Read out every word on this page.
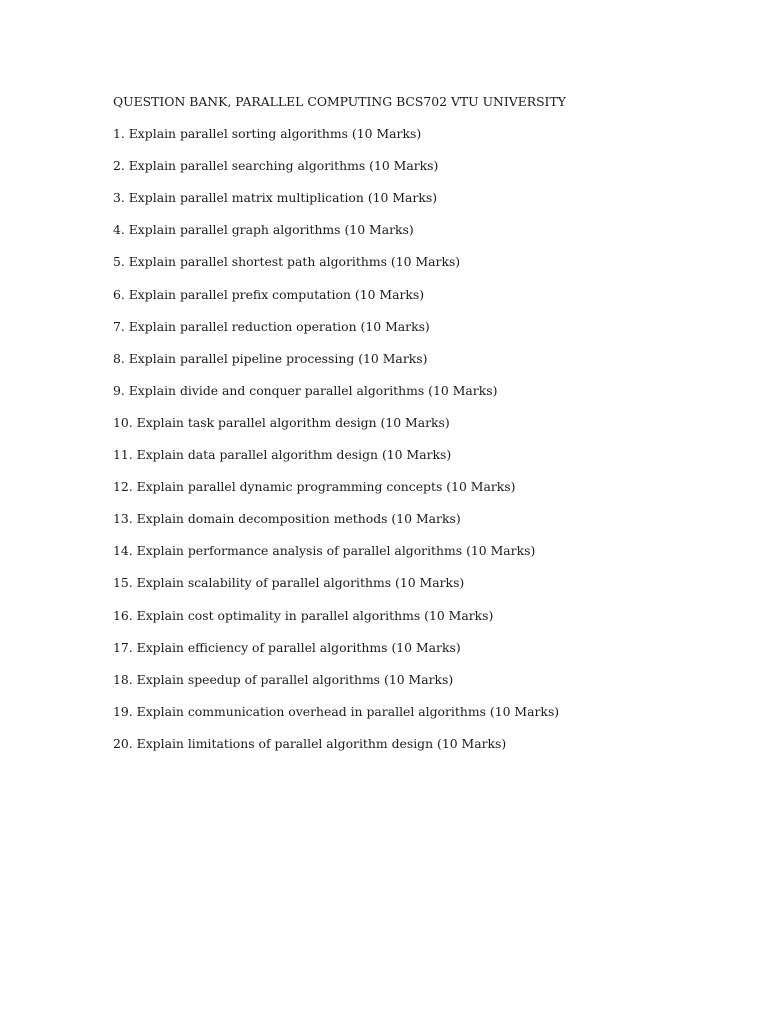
QUESTION BANK, PARALLEL COMPUTING BCS702 VTU UNIVERSITY
1. Explain parallel sorting algorithms (10 Marks)
2. Explain parallel searching algorithms (10 Marks)
3. Explain parallel matrix multiplication (10 Marks)
4. Explain parallel graph algorithms (10 Marks)
5. Explain parallel shortest path algorithms (10 Marks)
6. Explain parallel prefix computation (10 Marks)
7. Explain parallel reduction operation (10 Marks)
8. Explain parallel pipeline processing (10 Marks)
9. Explain divide and conquer parallel algorithms (10 Marks)
10. Explain task parallel algorithm design (10 Marks)
11. Explain data parallel algorithm design (10 Marks)
12. Explain parallel dynamic programming concepts (10 Marks)
13. Explain domain decomposition methods (10 Marks)
14. Explain performance analysis of parallel algorithms (10 Marks)
15. Explain scalability of parallel algorithms (10 Marks)
16. Explain cost optimality in parallel algorithms (10 Marks)
17. Explain efficiency of parallel algorithms (10 Marks)
18. Explain speedup of parallel algorithms (10 Marks)
19. Explain communication overhead in parallel algorithms (10 Marks)
20. Explain limitations of parallel algorithm design (10 Marks)
